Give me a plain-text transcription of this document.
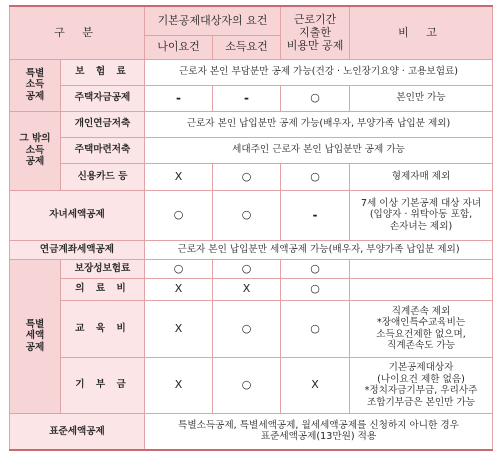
구 분		기본공제대상자의 요건		근로기간
지출한
비용만 공제	비 고
		나이요건	소득요건		
특별
소득
공제	보 험 료	근로자 본인 부담분만 공제 가능(건강 · 노인장기요양 · 고용보험료)			
	주택자금공제	-	-	○	본인만 가능
그 밖의
소득
공제	개인연금저축	근로자 본인 납입분만 공제 가능(배우자, 부양가족 납입분 제외)			
	주택마련저축	세대주인 근로자 본인 납입분만 공제 가능			
	신용카드 등	X	○	○	형제자매 제외
자녀세액공제		○	○	-	7세 이상 기본공제 대상 자녀
(입양자 · 위탁아동 포함,
손자녀는 제외)
연금계좌세액공제		근로자 본인 납입분만 세액공제 가능(배우자, 부양가족 납입분 제외)			
특별
세액
공제	보장성보험료	○	○	○	
	의 료 비	X	X	○	
	교 육 비	X	○	○	직계존속 제외
*장애인특수교육비는
소득요건제한 없으며,
직계존속도 가능
	기 부 금	X	○	X	기본공제대상자
(나이요건 제한 없음)
*정치자금기부금, 우리사주
조합기부금은 본인만 가능
표준세액공제		특별소득공제, 특별세액공제, 월세세액공제를 신청하지 아니한 경우
표준세액공제(13만원) 적용			
